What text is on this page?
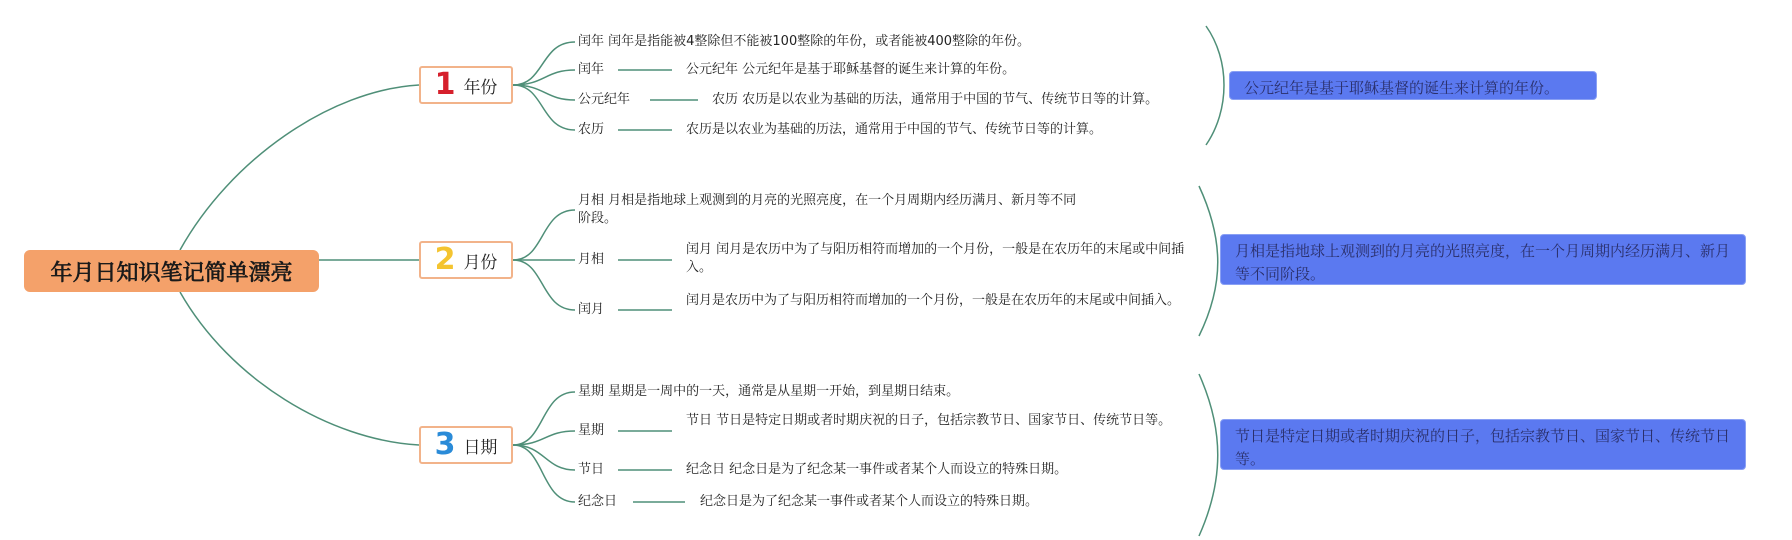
年月日知识笔记简单漂亮
1 年份
闰年 闰年是指能被4整除但不能被100整除的年份，或者能被400整除的年份。
闰年	公元纪年 公元纪年是基于耶稣基督的诞生来计算的年份。
公元纪年	农历 农历是以农业为基础的历法，通常用于中国的节气、传统节日等的计算。
农历	农历是以农业为基础的历法，通常用于中国的节气、传统节日等的计算。
公元纪年是基于耶稣基督的诞生来计算的年份。
2 月份
月相 月相是指地球上观测到的月亮的光照亮度，在一个月周期内经历满月、新月等不同阶段。
月相
闰月 闰月是农历中为了与阳历相符而增加的一个月份，一般是在农历年的末尾或中间插入。
闰月
闰月是农历中为了与阳历相符而增加的一个月份，一般是在农历年的末尾或中间插入。
月相是指地球上观测到的月亮的光照亮度，在一个月周期内经历满月、新月等不同阶段。
3 日期
星期 星期是一周中的一天，通常是从星期一开始，到星期日结束。
星期
节日 节日是特定日期或者时期庆祝的日子，包括宗教节日、国家节日、传统节日等。
节日	纪念日 纪念日是为了纪念某一事件或者某个人而设立的特殊日期。
纪念日	纪念日是为了纪念某一事件或者某个人而设立的特殊日期。
节日是特定日期或者时期庆祝的日子，包括宗教节日、国家节日、传统节日等。
